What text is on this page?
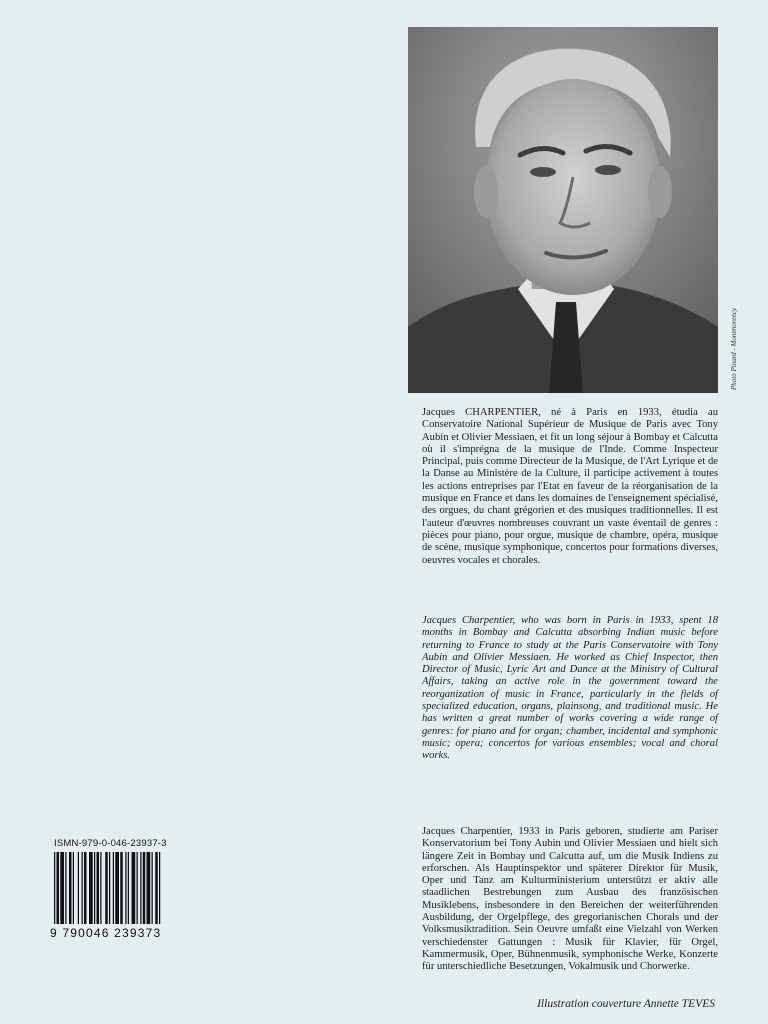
Photo Pinard - Montmorency

Jacques CHARPENTIER, né à Paris en 1933, étudia au Conservatoire National Supérieur de Musique de Paris avec Tony Aubin et Olivier Messiaen, et fit un long séjour à Bombay et Calcutta où il s'imprégna de la musique de l'Inde. Comme Inspecteur Principal, puis comme Directeur de la Musique, de l'Art Lyrique et de la Danse au Ministère de la Culture, il participe activement à toutes les actions entreprises par l'Etat en faveur de la réorganisation de la musique en France et dans les domaines de l'enseignement spécialisé, des orgues, du chant grégorien et des musiques traditionnelles. Il est l'auteur d'œuvres nombreuses couvrant un vaste éventail de genres : pièces pour piano, pour orgue, musique de chambre, opéra, musique de scène, musique symphonique, concertos pour formations diverses, oeuvres vocales et chorales.

Jacques Charpentier, who was born in Paris in 1933, spent 18 months in Bombay and Calcutta absorbing Indian music before returning to France to study at the Paris Conservatoire with Tony Aubin and Olivier Messiaen. He worked as Chief Inspector, then Director of Music, Lyric Art and Dance at the Ministry of Cultural Affairs, taking an active role in the government toward the reorganization of music in France, particularly in the fields of specialized education, organs, plainsong, and traditional music. He has written a great number of works covering a wide range of genres: for piano and for organ; chamber, incidental and symphonic music; opera; concertos for various ensembles; vocal and choral works.

Jacques Charpentier, 1933 in Paris geboren, studierte am Pariser Konservatorium bei Tony Aubin und Olivier Messiaen und hielt sich längere Zeit in Bombay und Calcutta auf, um die Musik Indiens zu erforschen. Als Hauptinspektor und späterer Direktor für Musik, Oper und Tanz am Kulturministerium unterstützt er aktiv alle staadlichen Bestrebungen zum Ausbau des französischen Musiklebens, insbesondere in den Bereichen der weiterführenden Ausbildung, der Orgelpflege, des gregorianischen Chorals und der Volksmusiktradition. Sein Oeuvre umfaßt eine Vielzahl von Werken verschiedenster Gattungen : Musik für Klavier, für Orgel, Kammermusik, Oper, Bühnenmusik, symphonische Werke, Konzerte für unterschiedliche Besetzungen, Vokalmusik und Chorwerke.

ISMN-979-0-046-23937-3
9 790046 239373
Illustration couverture Annette TEVES
